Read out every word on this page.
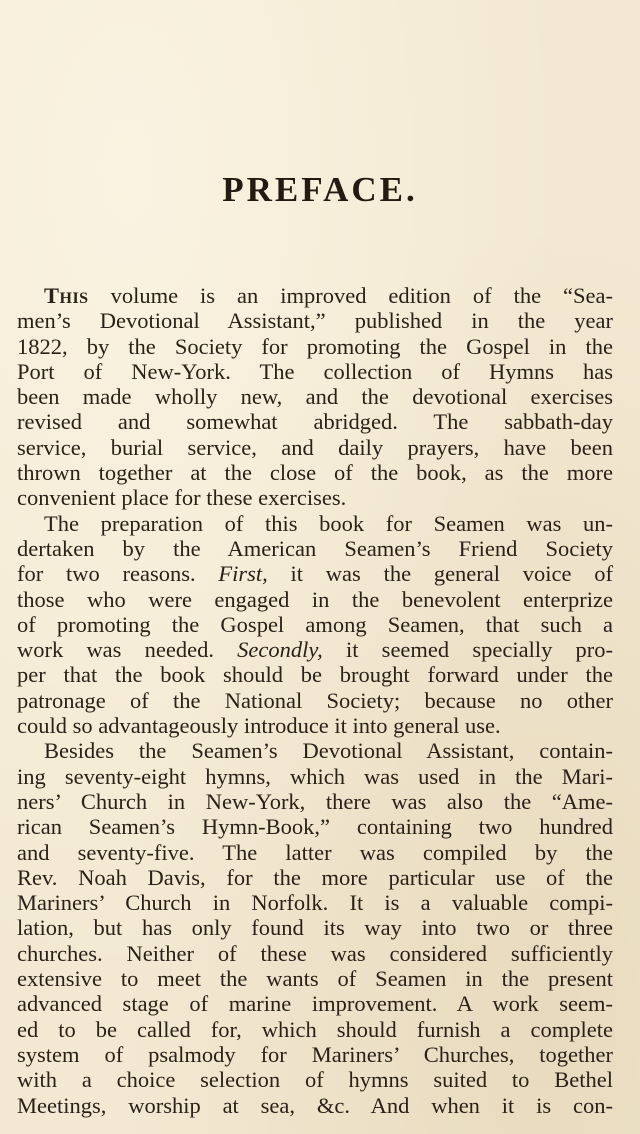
PREFACE.
This volume is an improved edition of the “Sea-
men’s Devotional Assistant,” published in the year
1822, by the Society for promoting the Gospel in the
Port of New-York. The collection of Hymns has
been made wholly new, and the devotional exercises
revised and somewhat abridged. The sabbath-day
service, burial service, and daily prayers, have been
thrown together at the close of the book, as the more
convenient place for these exercises.
The preparation of this book for Seamen was un-
dertaken by the American Seamen’s Friend Society
for two reasons. First, it was the general voice of
those who were engaged in the benevolent enterprize
of promoting the Gospel among Seamen, that such a
work was needed. Secondly, it seemed specially pro-
per that the book should be brought forward under the
patronage of the National Society; because no other
could so advantageously introduce it into general use.
Besides the Seamen’s Devotional Assistant, contain-
ing seventy-eight hymns, which was used in the Mari-
ners’ Church in New-York, there was also the “Ame-
rican Seamen’s Hymn-Book,” containing two hundred
and seventy-five. The latter was compiled by the
Rev. Noah Davis, for the more particular use of the
Mariners’ Church in Norfolk. It is a valuable compi-
lation, but has only found its way into two or three
churches. Neither of these was considered sufficiently
extensive to meet the wants of Seamen in the present
advanced stage of marine improvement. A work seem-
ed to be called for, which should furnish a complete
system of psalmody for Mariners’ Churches, together
with a choice selection of hymns suited to Bethel
Meetings, worship at sea, &c. And when it is con-
